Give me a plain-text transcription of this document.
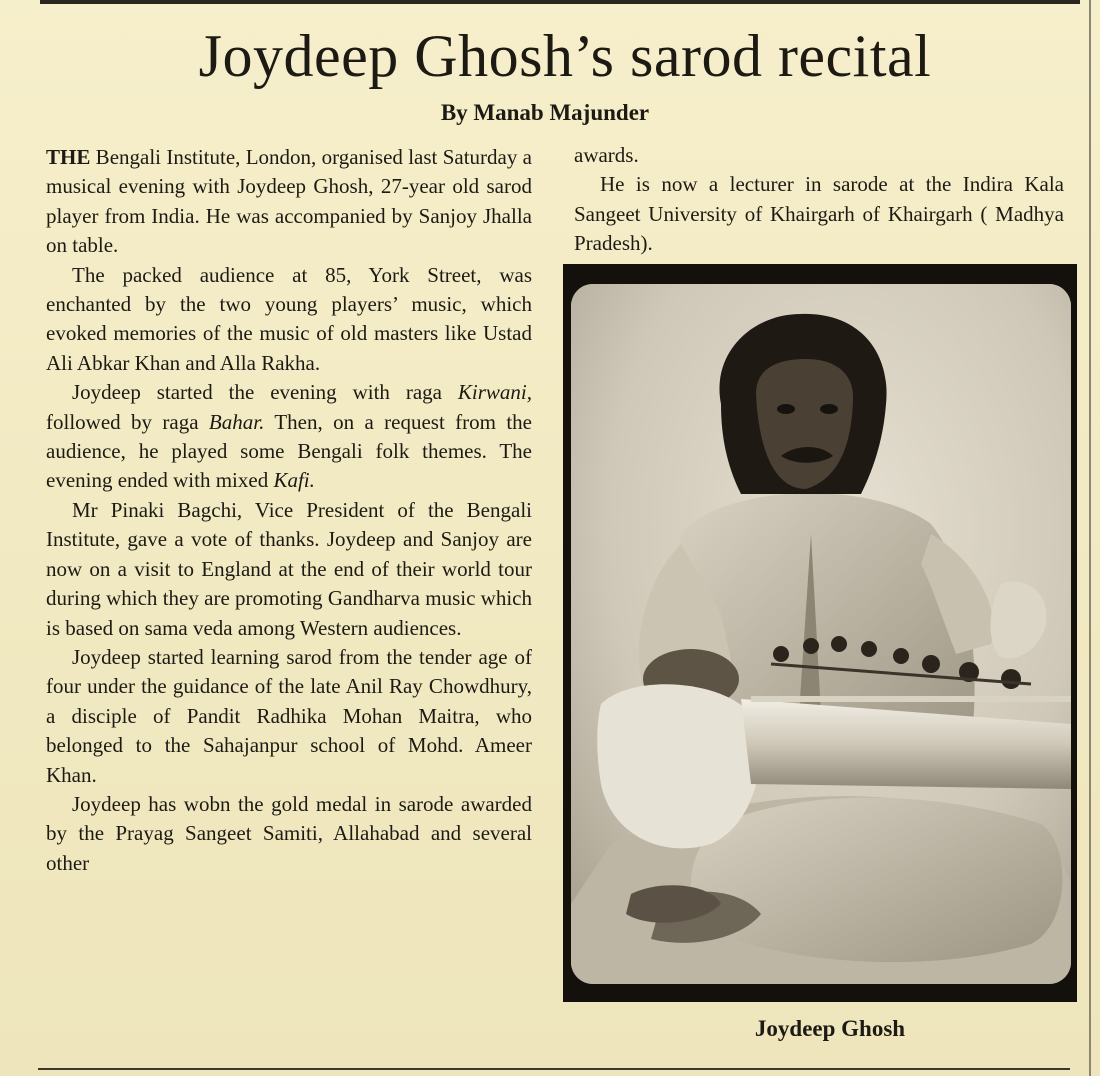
Joydeep Ghosh’s sarod recital
By Manab Majunder

THE Bengali Institute, London, organised last Saturday a musical evening with Joydeep Ghosh, 27-year old sarod player from India. He was accompanied by Sanjoy Jhalla on table.

The packed audience at 85, York Street, was enchanted by the two young players’ music, which evoked memories of the music of old masters like Ustad Ali Abkar Khan and Alla Rakha.

Joydeep started the evening with raga Kirwani, followed by raga Bahar. Then, on a request from the audience, he played some Bengali folk themes. The evening ended with mixed Kafi.

Mr Pinaki Bagchi, Vice President of the Bengali Institute, gave a vote of thanks. Joydeep and Sanjoy are now on a visit to England at the end of their world tour during which they are promoting Gandharva music which is based on sama veda among Western audiences.

Joydeep started learning sarod from the tender age of four under the guidance of the late Anil Ray Chowdhury, a disciple of Pandit Radhika Mohan Maitra, who belonged to the Sahajanpur school of Mohd. Ameer Khan.

Joydeep has wobn the gold medal in sarode awarded by the Prayag Sangeet Samiti, Allahabad and several other

awards.

He is now a lecturer in sarode at the Indira Kala Sangeet University of Khairgarh of Khairgarh ( Madhya Pradesh).

Joydeep Ghosh
